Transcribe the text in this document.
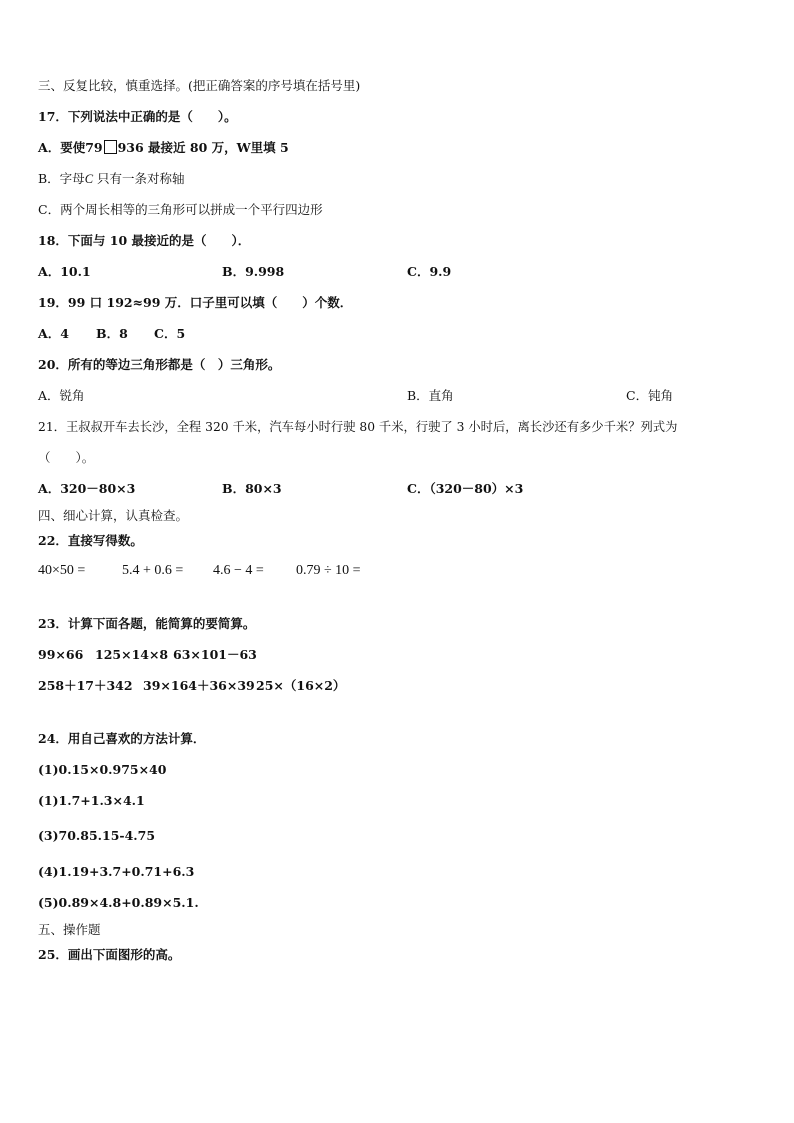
三、反复比较，慎重选择。(把正确答案的序号填在括号里)
17．下列说法中正确的是（　　）。
A．要使79 936 最接近 80 万，W里填 5
B．字母C 只有一条对称轴
C．两个周长相等的三角形可以拼成一个平行四边形
18．下面与 10 最接近的是（　　）．
A．10.1	B．9.998	C．9.9
19．99 口 192≈99 万．口子里可以填（　　）个数．
A．4 B．8 C．5
20．所有的等边三角形都是（　）三角形。
A．锐角	B．直角	C．钝角
21．王叔叔开车去长沙，全程 320 千米，汽车每小时行驶 80 千米，行驶了 3 小时后，离长沙还有多少千米？列式为
（　　）。
A．320－80×3	B．80×3	C．（320－80）×3
四、细心计算，认真检查。
22．直接写得数。
40×50 =	5.4 + 0.6 = 4.6 − 4 = 0.79 ÷ 10 =
23．计算下面各题，能简算的要简算。
99×66 125×14×8 63×101－63
258＋17＋342 39×164＋36×39 25×（16×2）
24．用自己喜欢的方法计算．
(1)0.15×0.975×40
(1)1.7+1.3×4.1
(3)70.85.15-4.75
(4)1.19+3.7+0.71+6.3
(5)0.89×4.8+0.89×5.1.
五、操作题
25．画出下面图形的高。
